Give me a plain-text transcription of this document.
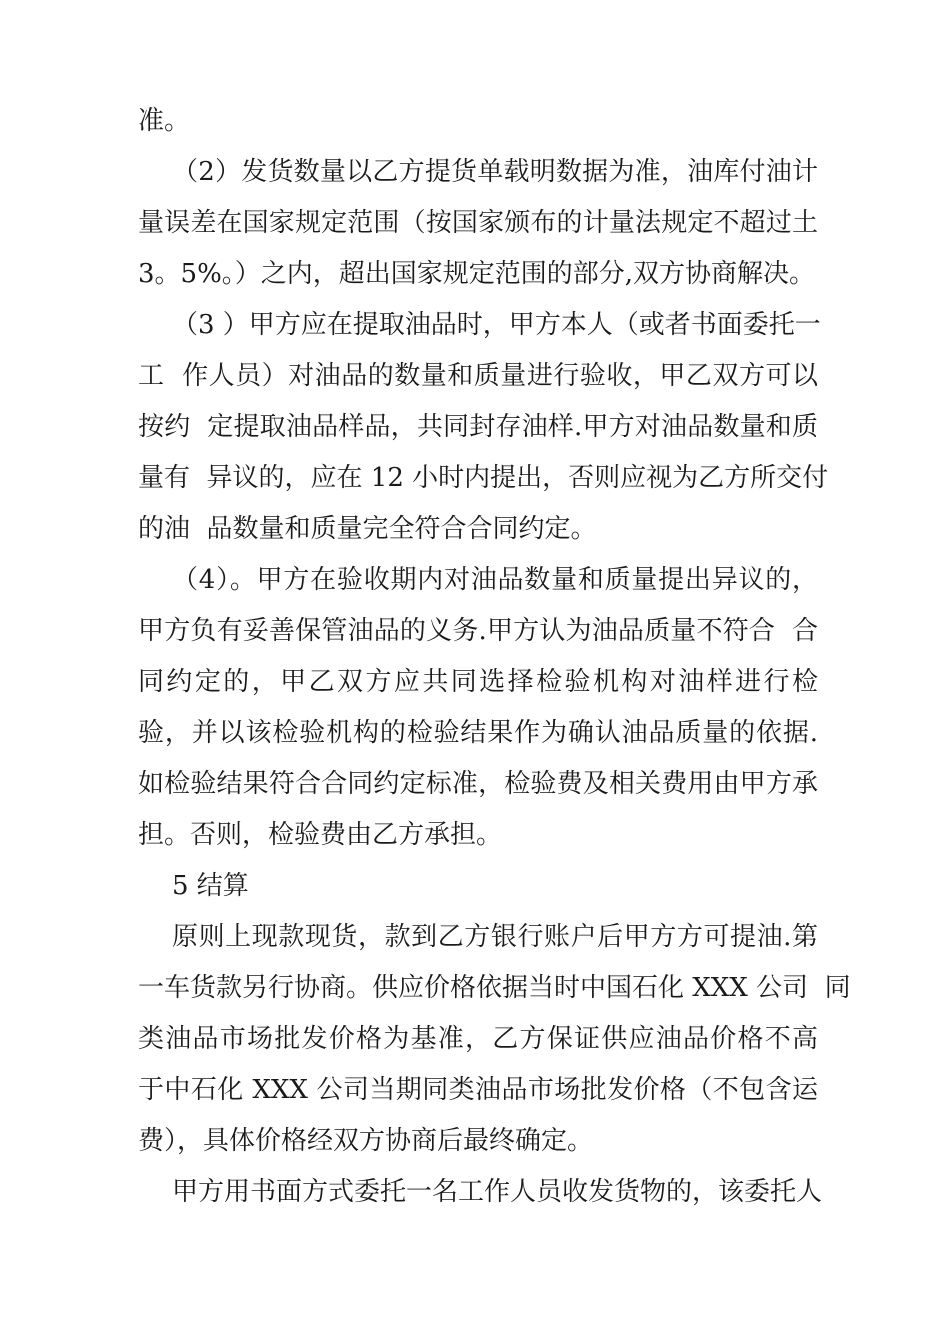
准。
（2）发货数量以乙方提货单载明数据为准，油库付油计
量误差在国家规定范围（按国家颁布的计量法规定不超过土
3。5%。）之内，超出国家规定范围的部分,双方协商解决。
（3 ）甲方应在提取油品时，甲方本人（或者书面委托一
工  作人员）对油品的数量和质量进行验收，甲乙双方可以
按约  定提取油品样品，共同封存油样.甲方对油品数量和质
量有  异议的，应在 12 小时内提出，否则应视为乙方所交付
的油  品数量和质量完全符合合同约定。
（4）。甲方在验收期内对油品数量和质量提出异议的，
甲方负有妥善保管油品的义务.甲方认为油品质量不符合  合
同约定的，甲乙双方应共同选择检验机构对油样进行检
验，并以该检验机构的检验结果作为确认油品质量的依据.
如检验结果符合合同约定标准，检验费及相关费用由甲方承
担。否则，检验费由乙方承担。
5 结算
原则上现款现货，款到乙方银行账户后甲方方可提油.第
一车货款另行协商。供应价格依据当时中国石化 XXX 公司  同
类油品市场批发价格为基准，乙方保证供应油品价格不高
于中石化 XXX 公司当期同类油品市场批发价格（不包含运
费），具体价格经双方协商后最终确定。
甲方用书面方式委托一名工作人员收发货物的，该委托人
